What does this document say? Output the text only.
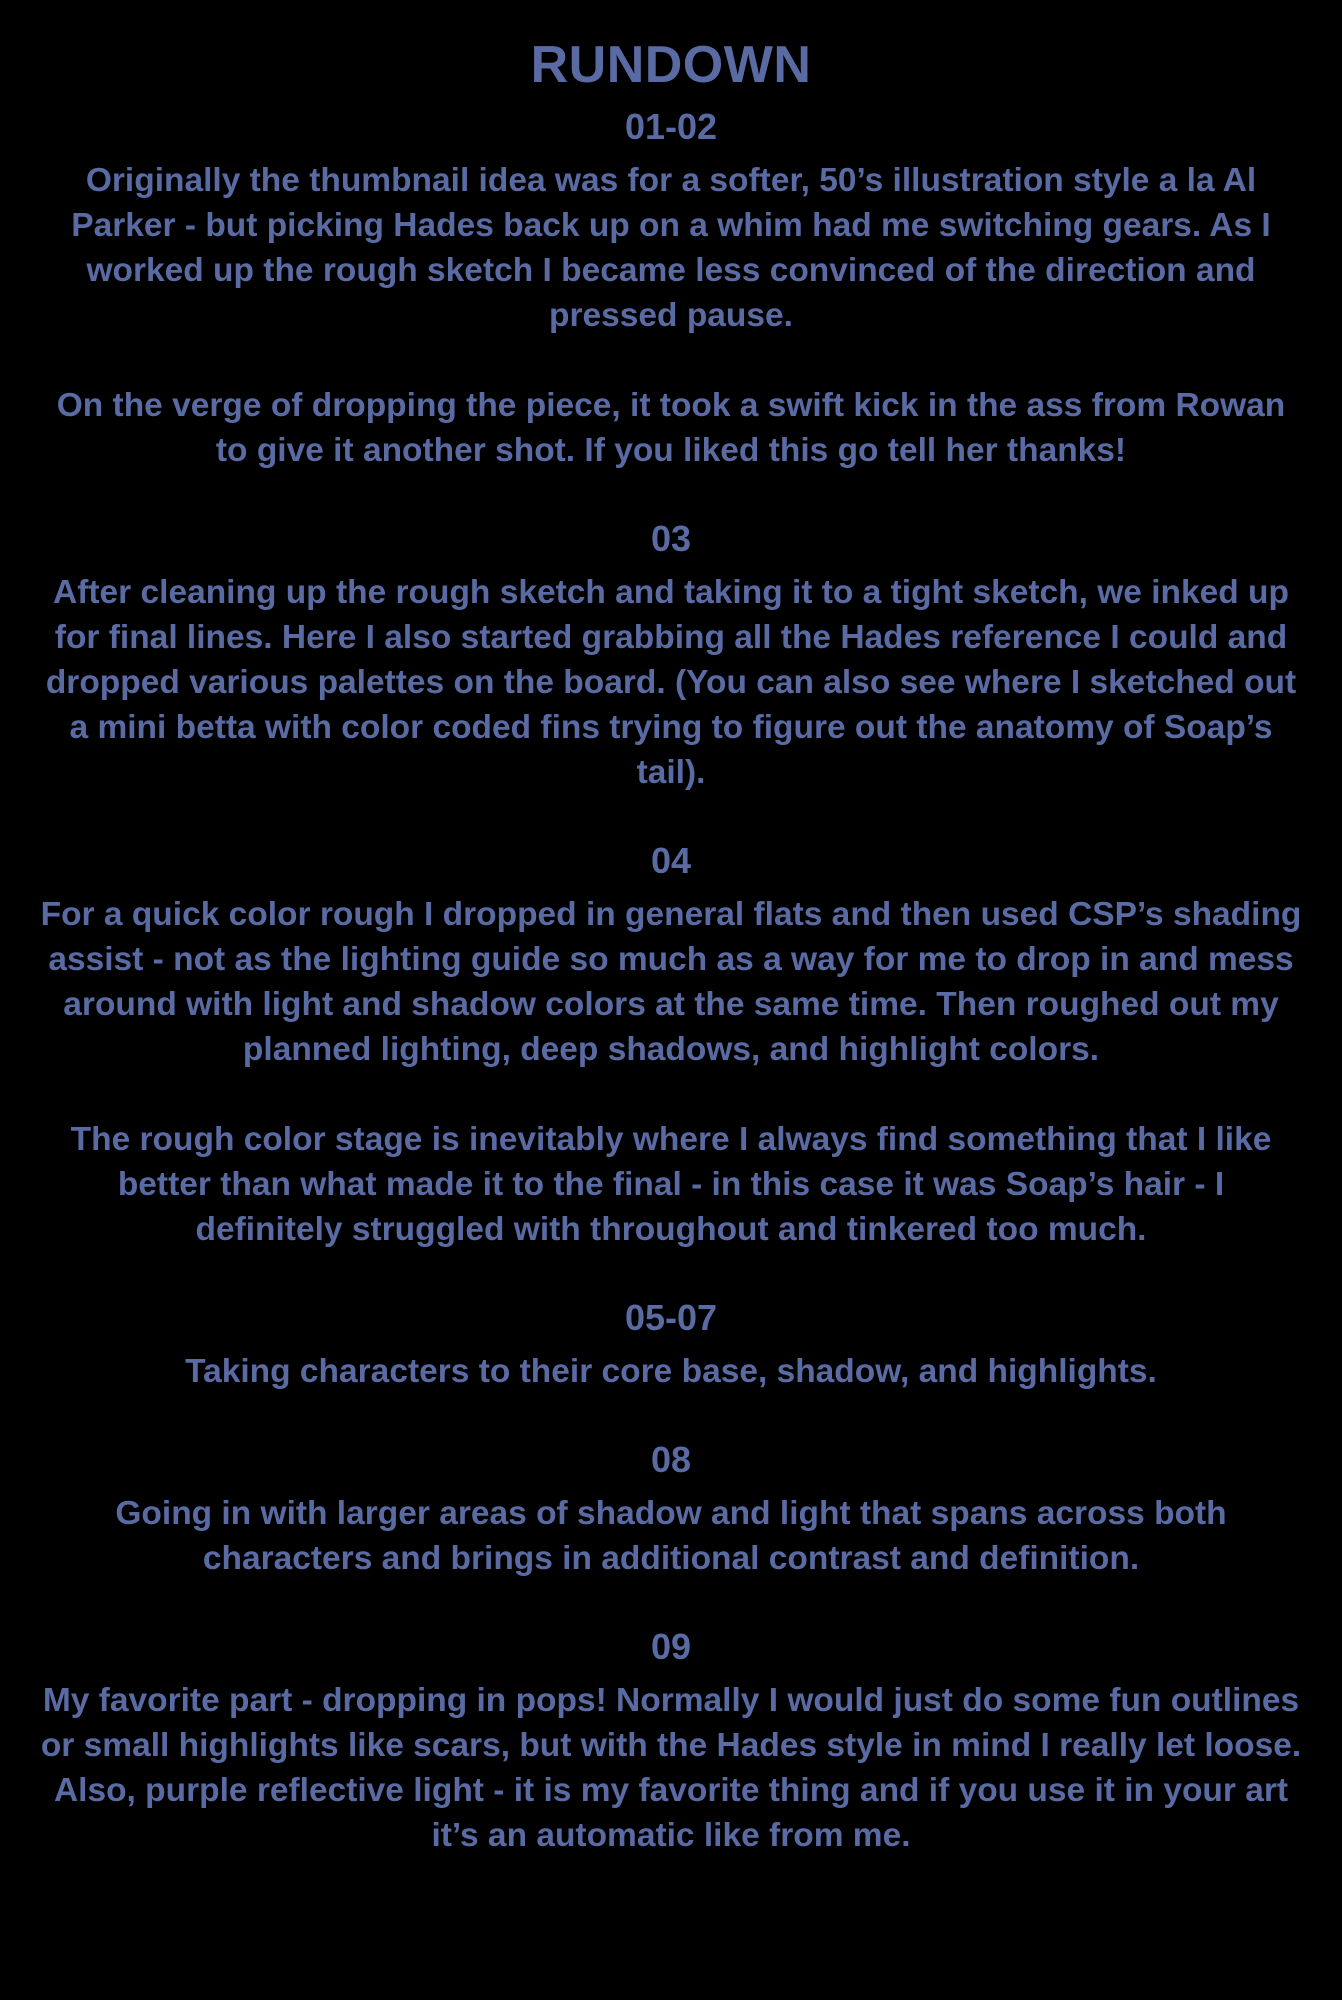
RUNDOWN
01-02

Originally the thumbnail idea was for a softer, 50’s illustration style a la Al Parker - but picking Hades back up on a whim had me switching gears. As I worked up the rough sketch I became less convinced of the direction and pressed pause.

On the verge of dropping the piece, it took a swift kick in the ass from Rowan to give it another shot. If you liked this go tell her thanks!

03

After cleaning up the rough sketch and taking it to a tight sketch, we inked up for final lines. Here I also started grabbing all the Hades reference I could and dropped various palettes on the board. (You can also see where I sketched out a mini betta with color coded fins trying to figure out the anatomy of Soap’s tail).

04

For a quick color rough I dropped in general flats and then used CSP’s shading assist - not as the lighting guide so much as a way for me to drop in and mess around with light and shadow colors at the same time. Then roughed out my planned lighting, deep shadows, and highlight colors.

The rough color stage is inevitably where I always find something that I like better than what made it to the final - in this case it was Soap’s hair - I definitely struggled with throughout and tinkered too much.

05-07

Taking characters to their core base, shadow, and highlights.

08

Going in with larger areas of shadow and light that spans across both characters and brings in additional contrast and definition.

09

My favorite part - dropping in pops! Normally I would just do some fun outlines or small highlights like scars, but with the Hades style in mind I really let loose. Also, purple reflective light - it is my favorite thing and if you use it in your art it’s an automatic like from me.
